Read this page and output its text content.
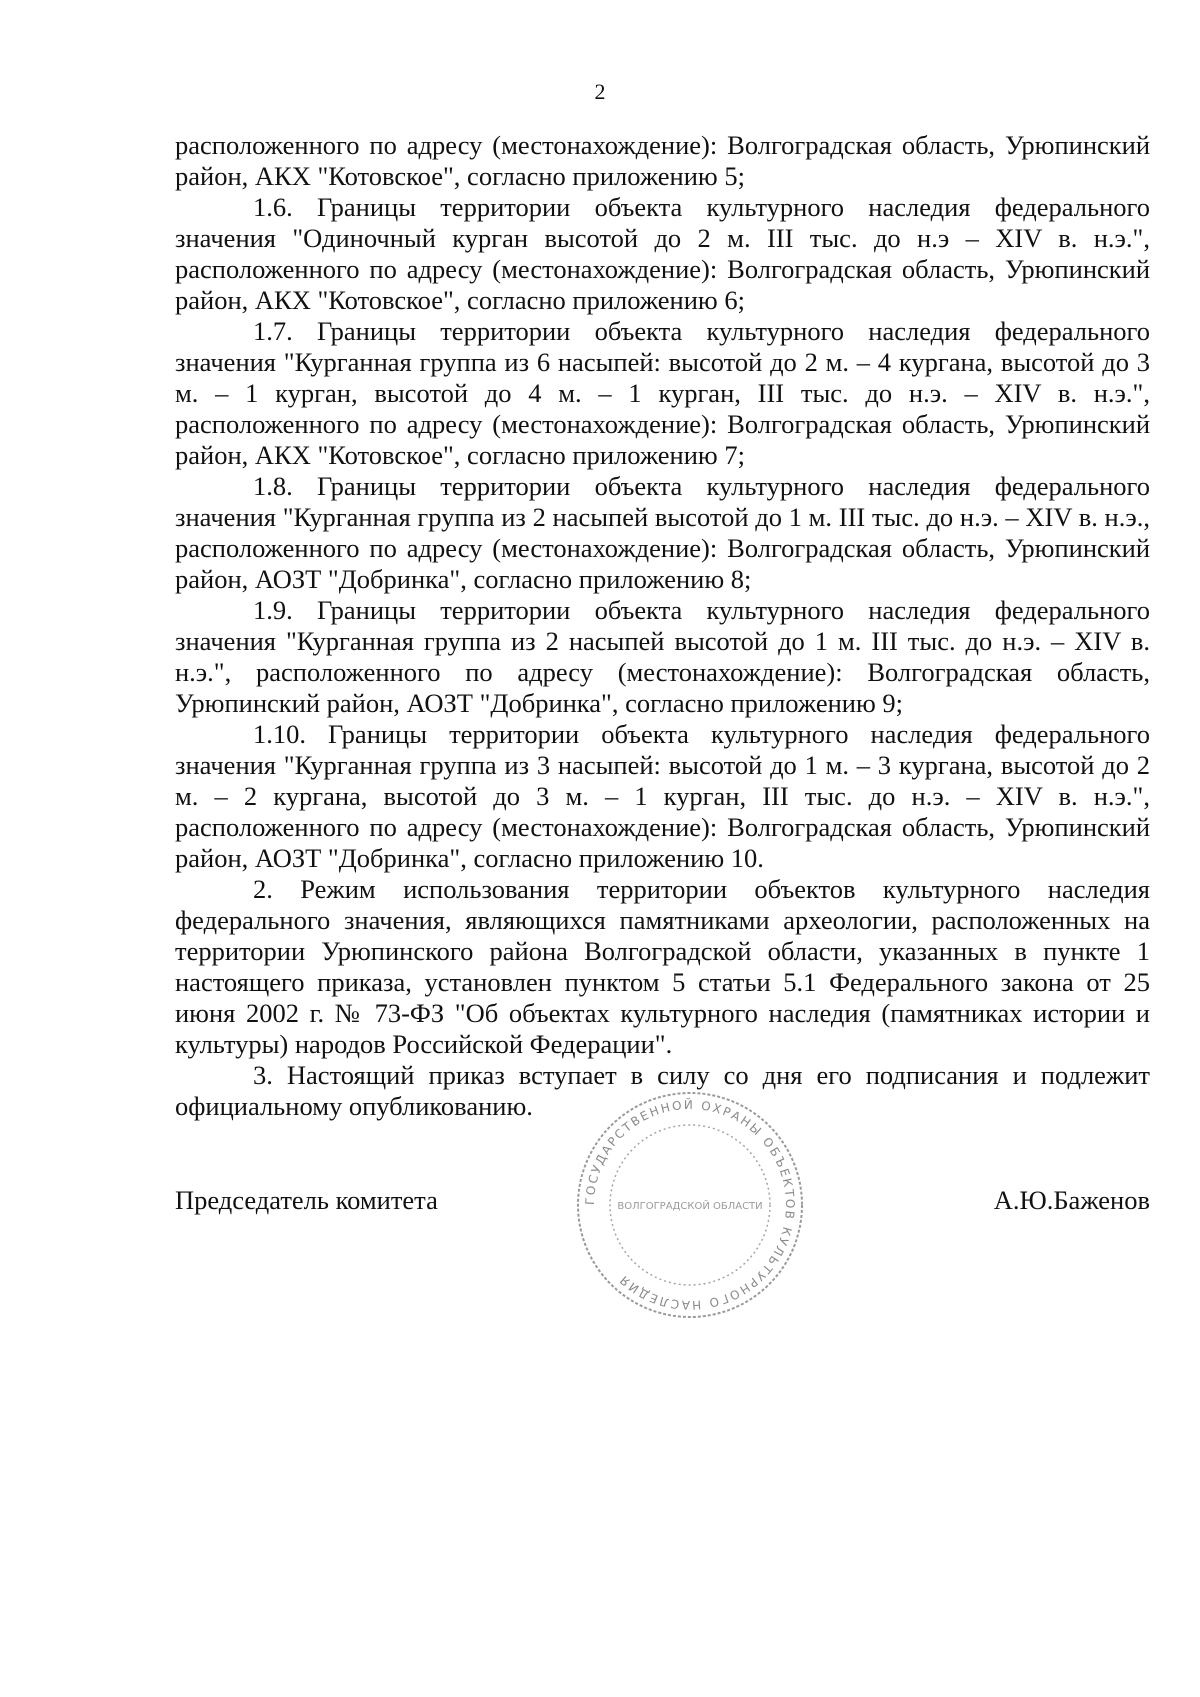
2

расположенного по адресу (местонахождение): Волгоградская область, Урюпинский район, АКХ "Котовское", согласно приложению 5;

1.6. Границы территории объекта культурного наследия федерального значения "Одиночный курган высотой до 2 м. III тыс. до н.э – XIV в. н.э.", расположенного по адресу (местонахождение): Волгоградская область, Урюпинский район, АКХ "Котовское", согласно приложению 6;

1.7. Границы территории объекта культурного наследия федерального значения "Курганная группа из 6 насыпей: высотой до 2 м. – 4 кургана, высотой до 3 м. – 1 курган, высотой до 4 м. – 1 курган, III тыс. до н.э. – XIV в. н.э.", расположенного по адресу (местонахождение): Волгоградская область, Урюпинский район, АКХ "Котовское", согласно приложению 7;

1.8. Границы территории объекта культурного наследия федерального значения "Курганная группа из 2 насыпей высотой до 1 м. III тыс. до н.э. – XIV в. н.э., расположенного по адресу (местонахождение): Волгоградская область, Урюпинский район, АОЗТ "Добринка", согласно приложению 8;

1.9. Границы территории объекта культурного наследия федерального значения "Курганная группа из 2 насыпей высотой до 1 м. III тыс. до н.э. – XIV в. н.э.", расположенного по адресу (местонахождение): Волгоградская область, Урюпинский район, АОЗТ "Добринка", согласно приложению 9;

1.10. Границы территории объекта культурного наследия федерального значения "Курганная группа из 3 насыпей: высотой до 1 м. – 3 кургана, высотой до 2 м. – 2 кургана, высотой до 3 м. – 1 курган, III тыс. до н.э. – XIV в. н.э.", расположенного по адресу (местонахождение): Волгоградская область, Урюпинский район, АОЗТ "Добринка", согласно приложению 10.

2. Режим использования территории объектов культурного наследия федерального значения, являющихся памятниками археологии, расположенных на территории Урюпинского района Волгоградской области, указанных в пункте 1 настоящего приказа, установлен пунктом 5 статьи 5.1 Федерального закона от 25 июня 2002 г. № 73-ФЗ "Об объектах культурного наследия (памятниках истории и культуры) народов Российской Федерации".

3. Настоящий приказ вступает в силу со дня его подписания и подлежит официальному опубликованию.

ГОСУДАРСТВЕННОЙ ОХРАНЫ ОБЪЕКТОВ КУЛЬТУРНОГО НАСЛЕДИЯ
ВОЛГОГРАДСКОЙ ОБЛАСТИ
Председатель комитета	А.Ю.Баженов
